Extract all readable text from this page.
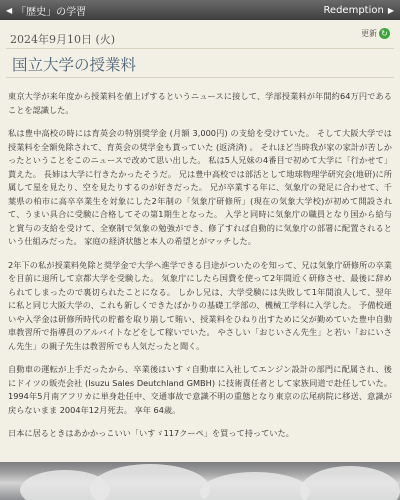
◀ 「歴史」の学習	Redemption ▶
2024年9月10日 (火)	更新 ↻
国立大学の授業料

東京大学が来年度から授業料を値上げするというニュースに接して、学部授業料が年間約64万円であることを認識した。

私は豊中高校の時には育英会の特別奨学金 (月額 3,000円) の支給を受けていた。 そして大阪大学では授業料を全額免除されて、育英会の奨学金も貰っていた (返済済) 。 それほど当時我が家の家計が苦しかったということをこのニュースで改めて思い出した。 私は5人兄妹の4番目で初めて大学に「行かせて」貰えた。 長姉は大学に行きたかったそうだ。 兄は豊中高校では部活として地球物理学研究会(地研)に所属して星を見たり、空を見たりするのが好きだった。 兄が卒業する年に、気象庁の発足に合わせて、千葉県の柏市に高卒卒業生を対象にした2年制の「気象庁研修所」(現在の気象大学校)が初めて開設されて、うまい具合に受験に合格してその第1期生となった。 入学と同時に気象庁の職員となり国から給与と賞与の支給を受けて、全寮制で気象の勉強ができ、修了すれば自動的に気象庁の部署に配置されるという仕組みだった。 家庭の経済状態と本人の希望とがマッチした。

2年下の私が授業料免除と奨学金で大学へ進学できる目途がついたのを知って、兄は気象庁研修所の卒業を目前に退所して京都大学を受験した。 気象庁にしたら国費を使って2年間近く研修させ、最後に辞められてしまったので裏切られたことになる。 しかし兄は、大学受験には失敗して1年間浪人して、翌年に私と同じ大阪大学の、これも新しくできたばかりの基礎工学部の、機械工学科に入学した。 予備校通いや入学金は研修所時代の貯蓄を取り崩して賄い、授業料をひねり出すために父が勤めていた豊中自動車教習所で指導員のアルバイトなどをして稼いでいた。 やさしい「おじいさん先生」と若い「おにいさん先生」の親子先生は教習所でも人気だったと聞く。

自動車の運転が上手だったから、卒業後はいすゞ自動車に入社してエンジン設計の部門に配属され、後にドイツの販売会社 (Isuzu Sales Deutchland GMBH) に技術責任者として家族同道で赴任していた。 1994年5月南アフリカに単身赴任中、交通事故で意識不明の重態となり東京の広尾病院に移送、意識が戻らないまま 2004年12月死去。 享年 64歳。

日本に居るときはあかかっこいい「いすゞ117クーペ」を買って持っていた。
